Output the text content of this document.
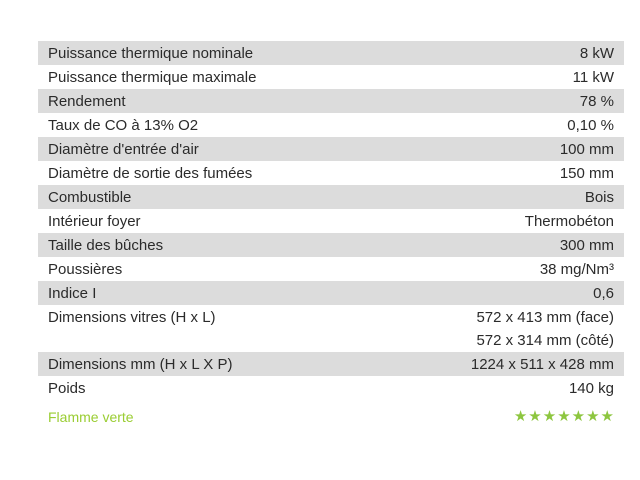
Puissance thermique nominale	8 kW
Puissance thermique maximale	11 kW
Rendement	78 %
Taux de CO à 13% O2	0,10 %
Diamètre d'entrée d'air	100 mm
Diamètre de sortie des fumées	150 mm
Combustible	Bois
Intérieur foyer	Thermobéton
Taille des bûches	300 mm
Poussières	38 mg/Nm³
Indice I	0,6
Dimensions vitres (H x L)	572 x 413 mm (face)
572 x 314 mm (côté)
Dimensions mm (H x L X P)	1224 x 511 x 428 mm
Poids	140 kg
Flamme verte	★ ★ ★ ★ ★ ★ ★
